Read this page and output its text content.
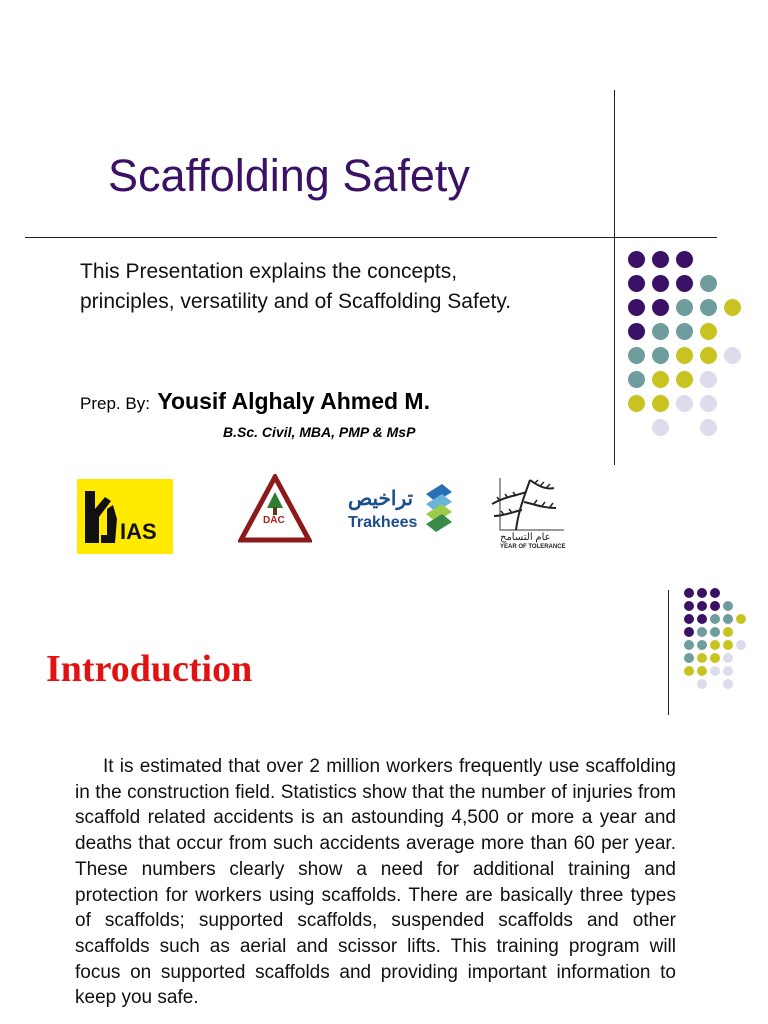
Scaffolding Safety
This Presentation explains the concepts, principles, versatility and of Scaffolding Safety.
Prep. By: Yousif Alghaly Ahmed M.
B.Sc. Civil, MBA, PMP & MsP
IAS	DAC
تراخيص
Trakhees
عام التسامح
YEAR OF TOLERANCE
Introduction
It is estimated that over 2 million workers frequently use scaffolding in the construction field. Statistics show that the number of injuries from scaffold related accidents is an astounding 4,500 or more a year and deaths that occur from such accidents average more than 60 per year. These numbers clearly show a need for additional training and protection for workers using scaffolds. There are basically three types of scaffolds; supported scaffolds, suspended scaffolds and other scaffolds such as aerial and scissor lifts. This training program will focus on supported scaffolds and providing important information to keep you safe.
